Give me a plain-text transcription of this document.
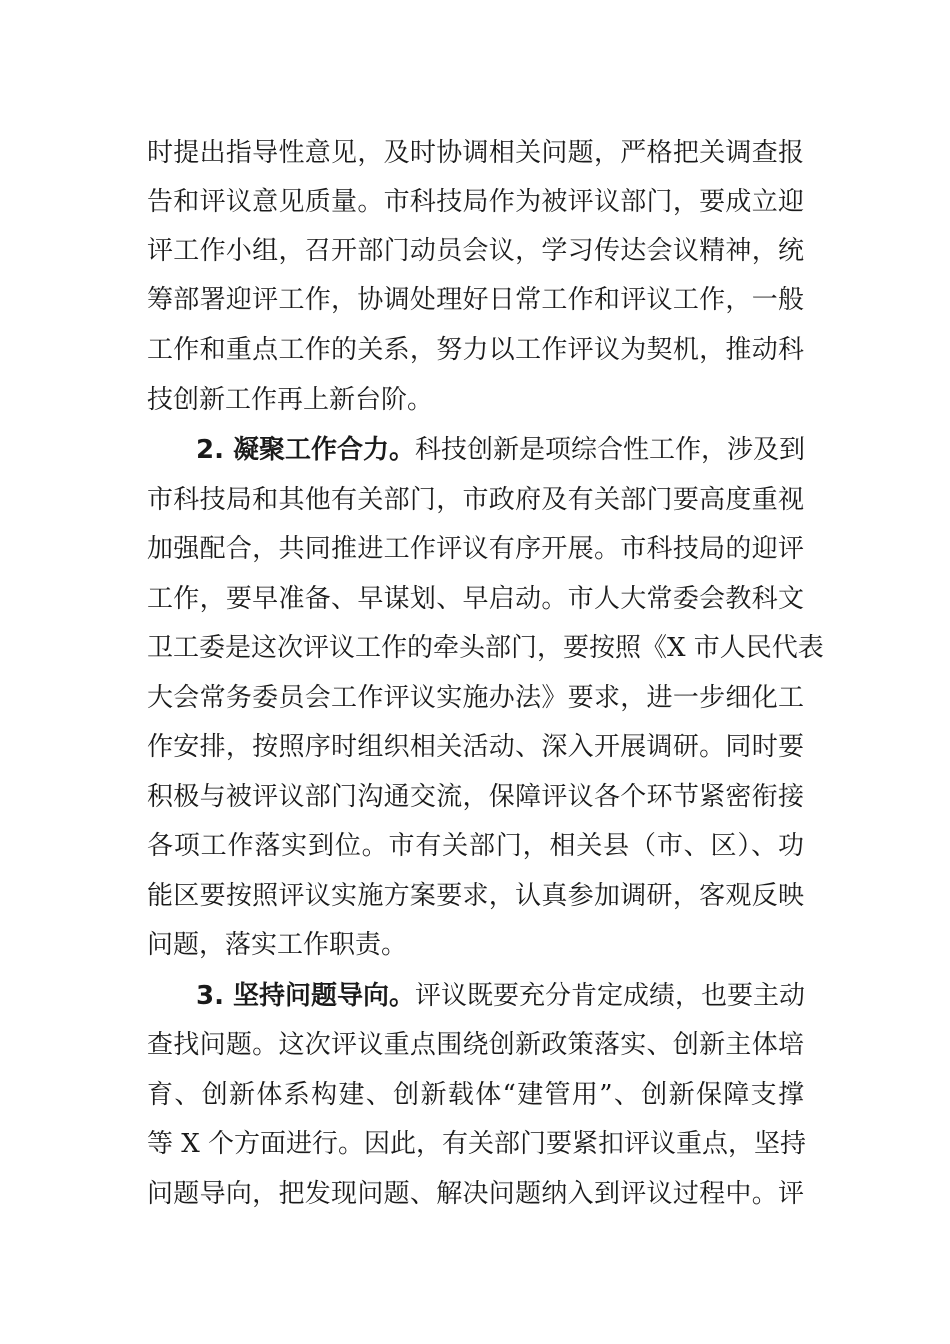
时提出指导性意见，及时协调相关问题，严格把关调查报
告和评议意见质量。市科技局作为被评议部门，要成立迎
评工作小组，召开部门动员会议，学习传达会议精神，统
筹部署迎评工作，协调处理好日常工作和评议工作，一般
工作和重点工作的关系，努力以工作评议为契机，推动科
技创新工作再上新台阶。
2. 凝聚工作合力。科技创新是项综合性工作，涉及到
市科技局和其他有关部门，市政府及有关部门要高度重视
加强配合，共同推进工作评议有序开展。市科技局的迎评
工作，要早准备、早谋划、早启动。市人大常委会教科文
卫工委是这次评议工作的牵头部门，要按照《X 市人民代表
大会常务委员会工作评议实施办法》要求，进一步细化工
作安排，按照序时组织相关活动、深入开展调研。同时要
积极与被评议部门沟通交流，保障评议各个环节紧密衔接
各项工作落实到位。市有关部门，相关县（市、区）、功
能区要按照评议实施方案要求，认真参加调研，客观反映
问题，落实工作职责。
3. 坚持问题导向。评议既要充分肯定成绩，也要主动
查找问题。这次评议重点围绕创新政策落实、创新主体培
育、创新体系构建、创新载体“建管用”、创新保障支撑
等 X 个方面进行。因此，有关部门要紧扣评议重点，坚持
问题导向，把发现问题、解决问题纳入到评议过程中。评
